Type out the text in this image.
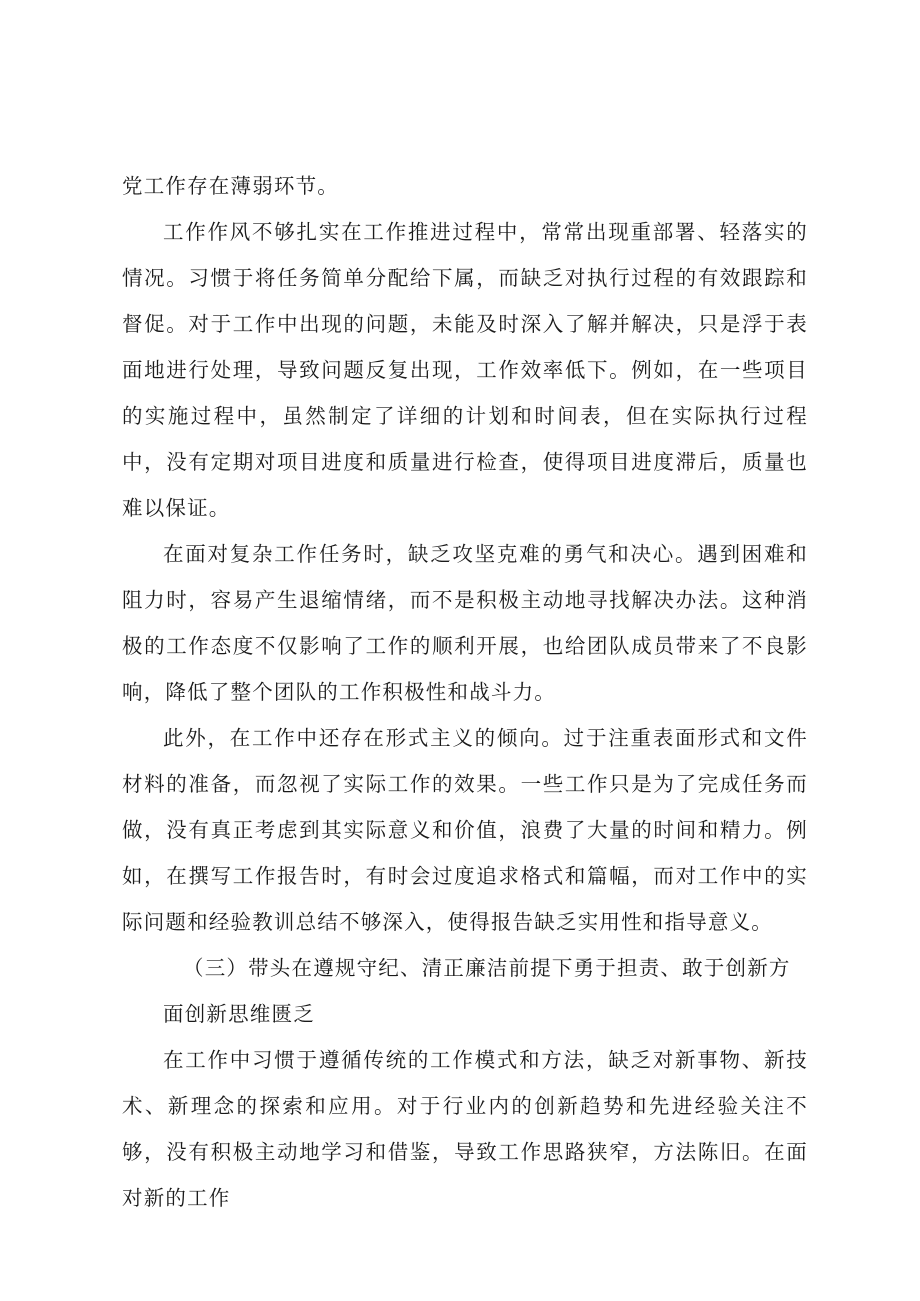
党工作存在薄弱环节。

工作作风不够扎实在工作推进过程中，常常出现重部署、轻落实的情况。习惯于将任务简单分配给下属，而缺乏对执行过程的有效跟踪和督促。对于工作中出现的问题，未能及时深入了解并解决，只是浮于表面地进行处理，导致问题反复出现，工作效率低下。例如，在一些项目的实施过程中，虽然制定了详细的计划和时间表，但在实际执行过程中，没有定期对项目进度和质量进行检查，使得项目进度滞后，质量也难以保证。

在面对复杂工作任务时，缺乏攻坚克难的勇气和决心。遇到困难和阻力时，容易产生退缩情绪，而不是积极主动地寻找解决办法。这种消极的工作态度不仅影响了工作的顺利开展，也给团队成员带来了不良影响，降低了整个团队的工作积极性和战斗力。

此外，在工作中还存在形式主义的倾向。过于注重表面形式和文件材料的准备，而忽视了实际工作的效果。一些工作只是为了完成任务而做，没有真正考虑到其实际意义和价值，浪费了大量的时间和精力。例如，在撰写工作报告时，有时会过度追求格式和篇幅，而对工作中的实际问题和经验教训总结不够深入，使得报告缺乏实用性和指导意义。

（三）带头在遵规守纪、清正廉洁前提下勇于担责、敢于创新方面创新思维匮乏

在工作中习惯于遵循传统的工作模式和方法，缺乏对新事物、新技术、新理念的探索和应用。对于行业内的创新趋势和先进经验关注不够，没有积极主动地学习和借鉴，导致工作思路狭窄，方法陈旧。在面对新的工作
